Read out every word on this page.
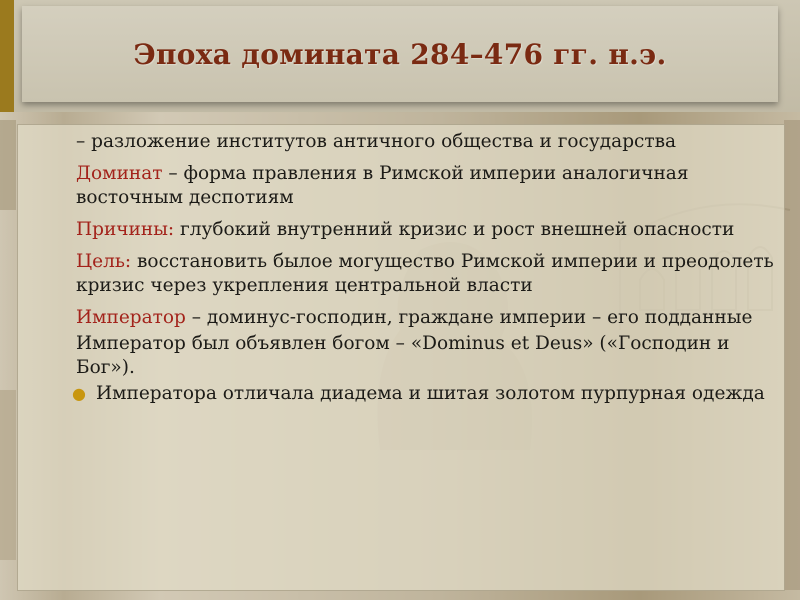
Эпоха домината 284–476 гг. н.э.

– разложение институтов античного общества и государства

Доминат – форма правления в Римской империи аналогичная восточным деспотиям

Причины: глубокий внутренний кризис и рост внешней опасности

Цель: восстановить былое могущество Римской империи и преодолеть кризис через укрепления центральной власти

Император – доминус-господин, граждане империи – его подданные

Император был объявлен богом – «Dominus et Deus» («Господин и Бог»).

● Императора отличала диадема и шитая золотом пурпурная одежда
